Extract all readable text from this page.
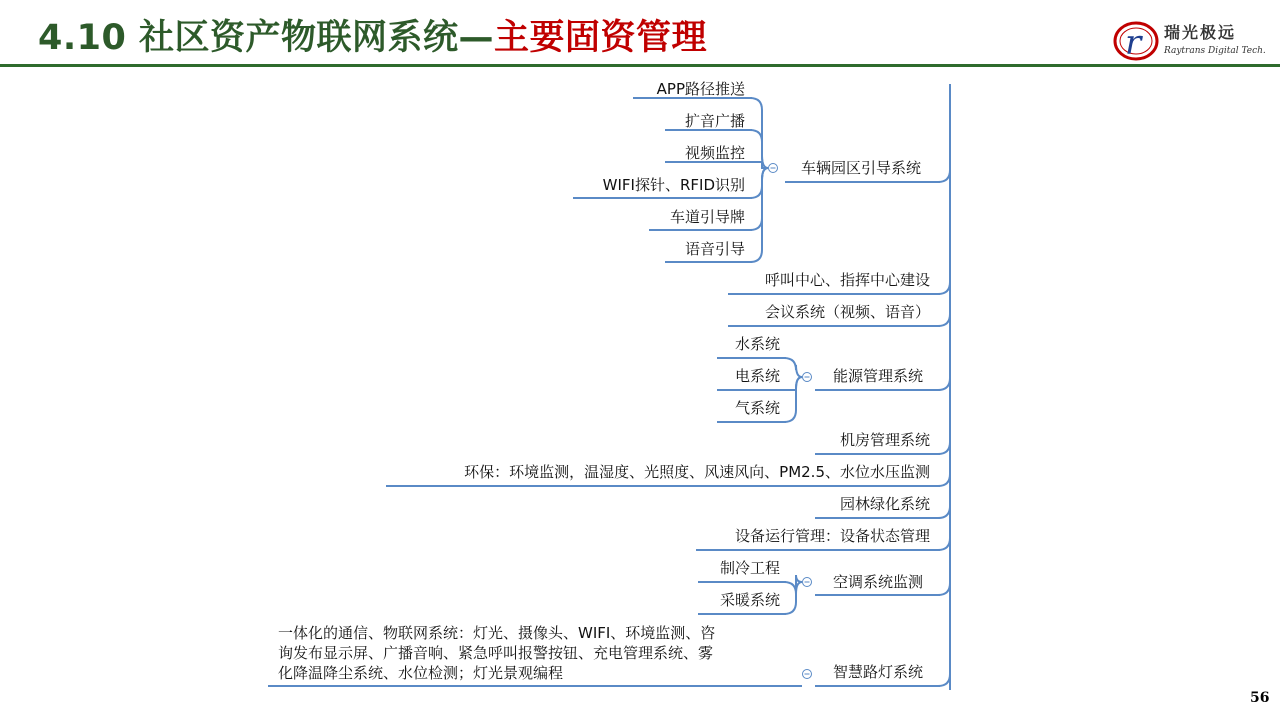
4.10 社区资产物联网系统—主要固资管理	r 瑞光极远
Raytrans Digital Tech.
车辆园区引导系统
APP路径推送
扩音广播
视频监控
WIFI探针、RFID识别
车道引导牌
语音引导
呼叫中心、指挥中心建设
会议系统（视频、语音）
能源管理系统
水系统
电系统
气系统
机房管理系统
环保：环境监测，温湿度、光照度、风速风向、PM2.5、水位水压监测
园林绿化系统
设备运行管理：设备状态管理
空调系统监测
制冷工程
采暖系统
智慧路灯系统
一体化的通信、物联网系统：灯光、摄像头、WIFI、环境监测、咨
询发布显示屏、广播音响、紧急呼叫报警按钮、充电管理系统、雾
化降温降尘系统、水位检测；灯光景观编程
56
